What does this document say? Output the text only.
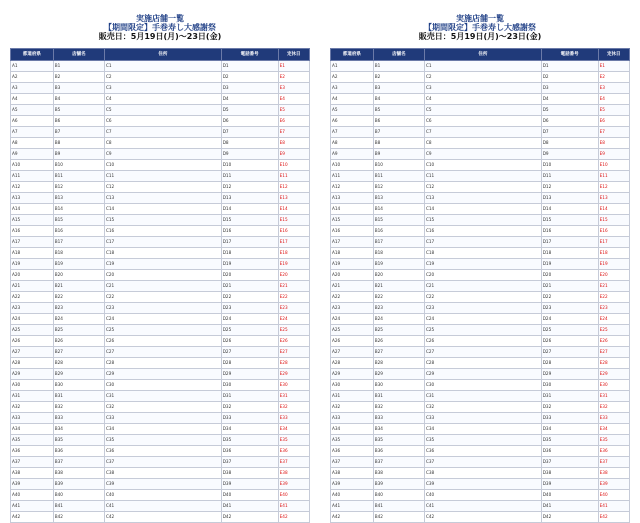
実施店舗一覧
【期間限定】手巻寿し大感謝祭
販売日：5月19日(月)〜23日(金)
都道府県	店舗名	住所	電話番号	定休日
A1	B1	C1	D1	E1
A2	B2	C2	D2	E2
A3	B3	C3	D3	E3
A4	B4	C4	D4	E4
A5	B5	C5	D5	E5
A6	B6	C6	D6	E6
A7	B7	C7	D7	E7
A8	B8	C8	D8	E8
A9	B9	C9	D9	E9
A10	B10	C10	D10	E10
A11	B11	C11	D11	E11
A12	B12	C12	D12	E12
A13	B13	C13	D13	E13
A14	B14	C14	D14	E14
A15	B15	C15	D15	E15
A16	B16	C16	D16	E16
A17	B17	C17	D17	E17
A18	B18	C18	D18	E18
A19	B19	C19	D19	E19
A20	B20	C20	D20	E20
A21	B21	C21	D21	E21
A22	B22	C22	D22	E22
A23	B23	C23	D23	E23
A24	B24	C24	D24	E24
A25	B25	C25	D25	E25
A26	B26	C26	D26	E26
A27	B27	C27	D27	E27
A28	B28	C28	D28	E28
A29	B29	C29	D29	E29
A30	B30	C30	D30	E30
A31	B31	C31	D31	E31
A32	B32	C32	D32	E32
A33	B33	C33	D33	E33
A34	B34	C34	D34	E34
A35	B35	C35	D35	E35
A36	B36	C36	D36	E36
A37	B37	C37	D37	E37
A38	B38	C38	D38	E38
A39	B39	C39	D39	E39
A40	B40	C40	D40	E40
A41	B41	C41	D41	E41
A42	B42	C42	D42	E42
実施店舗一覧
【期間限定】手巻寿し大感謝祭
販売日：5月19日(月)〜23日(金)
都道府県	店舗名	住所	電話番号	定休日
A1	B1	C1	D1	E1
A2	B2	C2	D2	E2
A3	B3	C3	D3	E3
A4	B4	C4	D4	E4
A5	B5	C5	D5	E5
A6	B6	C6	D6	E6
A7	B7	C7	D7	E7
A8	B8	C8	D8	E8
A9	B9	C9	D9	E9
A10	B10	C10	D10	E10
A11	B11	C11	D11	E11
A12	B12	C12	D12	E12
A13	B13	C13	D13	E13
A14	B14	C14	D14	E14
A15	B15	C15	D15	E15
A16	B16	C16	D16	E16
A17	B17	C17	D17	E17
A18	B18	C18	D18	E18
A19	B19	C19	D19	E19
A20	B20	C20	D20	E20
A21	B21	C21	D21	E21
A22	B22	C22	D22	E22
A23	B23	C23	D23	E23
A24	B24	C24	D24	E24
A25	B25	C25	D25	E25
A26	B26	C26	D26	E26
A27	B27	C27	D27	E27
A28	B28	C28	D28	E28
A29	B29	C29	D29	E29
A30	B30	C30	D30	E30
A31	B31	C31	D31	E31
A32	B32	C32	D32	E32
A33	B33	C33	D33	E33
A34	B34	C34	D34	E34
A35	B35	C35	D35	E35
A36	B36	C36	D36	E36
A37	B37	C37	D37	E37
A38	B38	C38	D38	E38
A39	B39	C39	D39	E39
A40	B40	C40	D40	E40
A41	B41	C41	D41	E41
A42	B42	C42	D42	E42
